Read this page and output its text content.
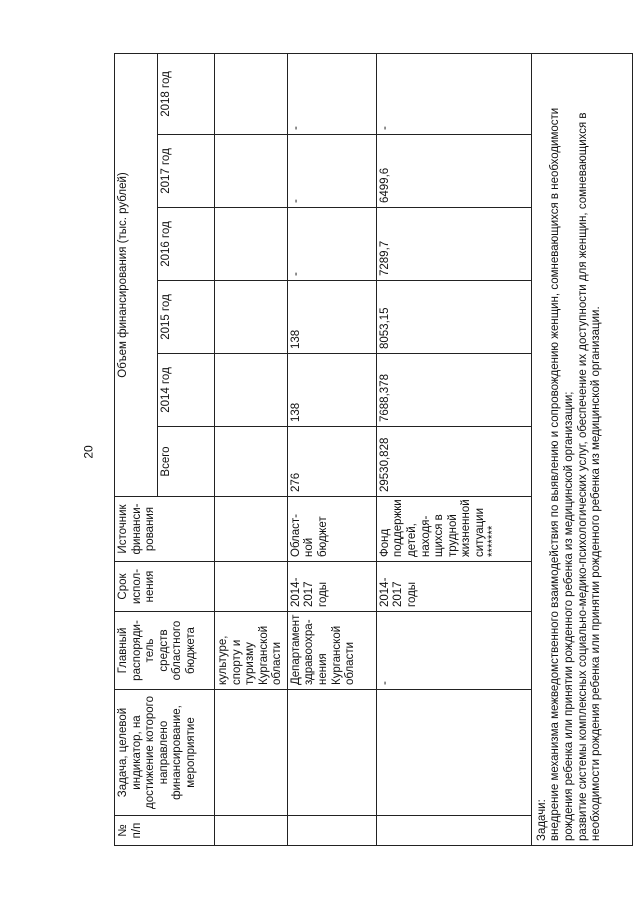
20
№ п/п	Задача, целевой индикатор, на достижение которого направлено финансирование, мероприятие	Главный распоряди-тель средств областного бюджета	Срок испол-нения	Источник финанси-рования	Объем финансирования (тыс. рублей)					
					Всего	2014 год	2015 год	2016 год	2017 год	2018 год
		культуре, спорту и туризму Курганской области								
		Департамент здравоохра-нения Курганской области	2014-2017 годы	Област-ной бюджет	276	138	138	-	-	-
		-	2014-2017 годы	Фонд поддержки детей, находя-щихся в трудной жизненной ситуации *******	29530,828	7688,378	8053,15	7289,7	6499,6	-

Задачи: внедрение механизма межведомственного взаимодействия по выявлению и сопровождению женщин, сомневающихся в необходимости рождения ребенка или принятии рожденного ребенка из медицинской организации; развитие системы комплексных социально-медико-психологических услуг, обеспечение их доступности для женщин, сомневающихся в необходимости рождения ребенка или принятии рожденного ребенка из медицинской организации.										
